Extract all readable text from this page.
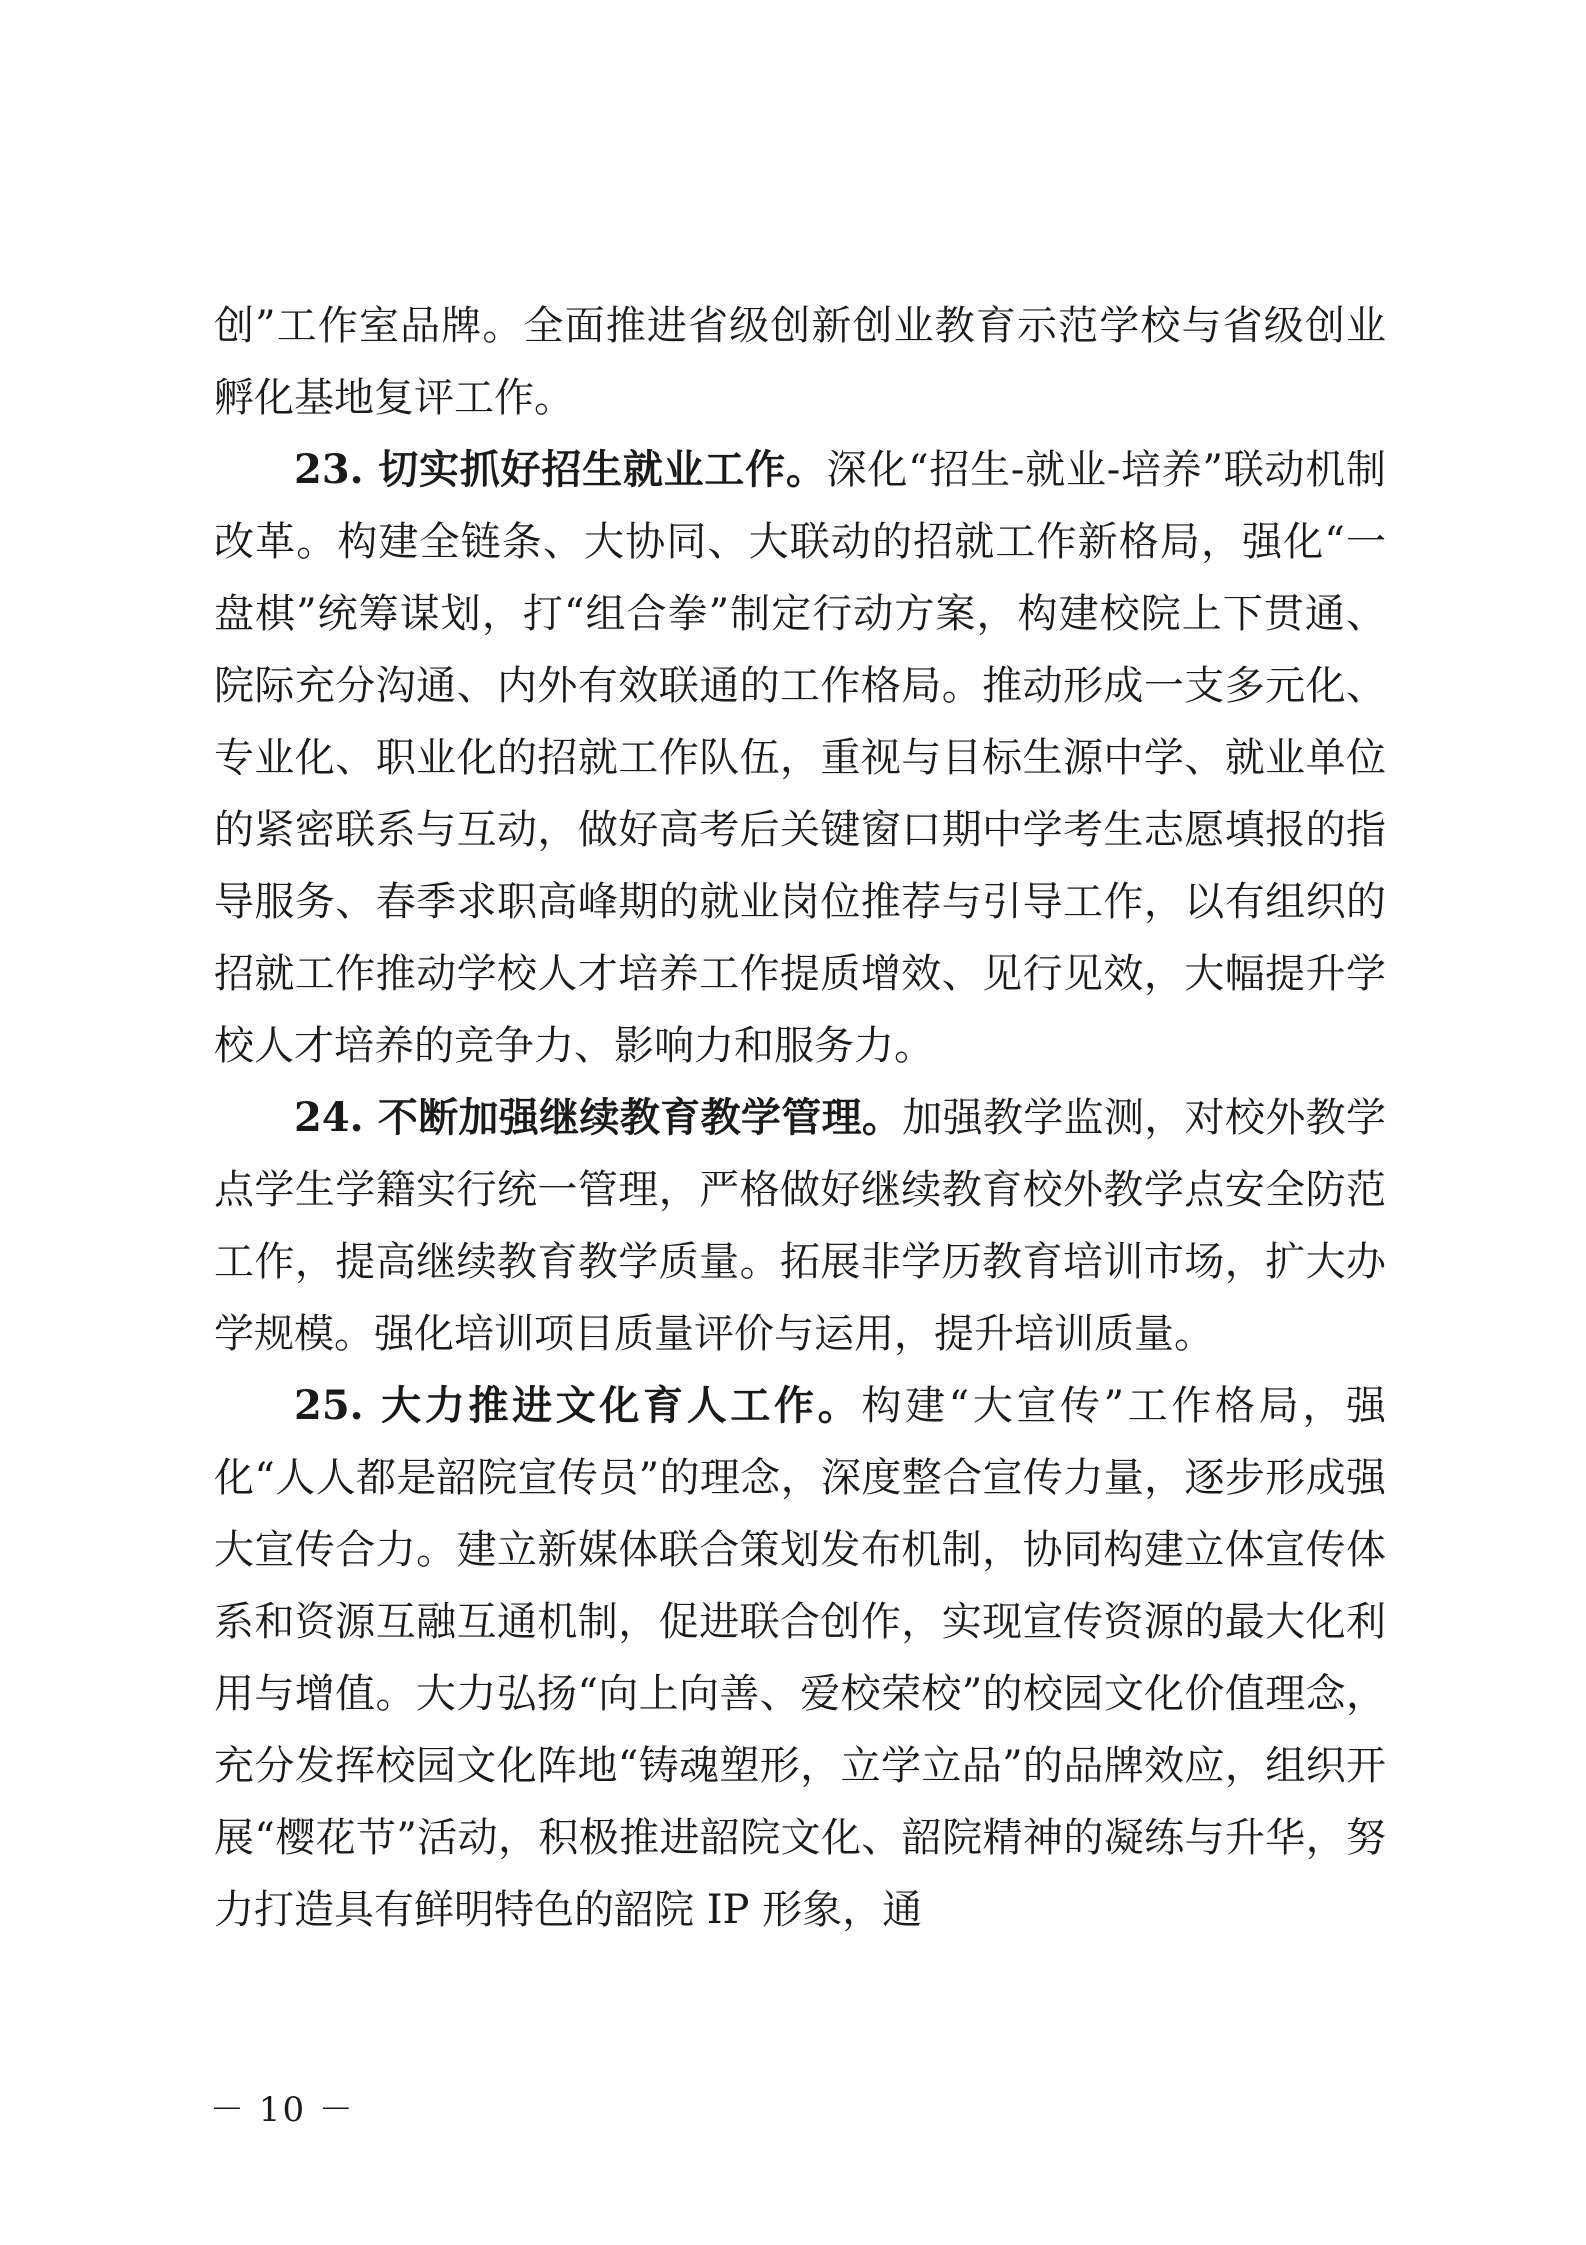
创”工作室品牌。全面推进省级创新创业教育示范学校与省级创业孵化基地复评工作。

23. 切实抓好招生就业工作。深化“招生-就业-培养”联动机制改革。构建全链条、大协同、大联动的招就工作新格局，强化“一盘棋”统筹谋划，打“组合拳”制定行动方案，构建校院上下贯通、院际充分沟通、内外有效联通的工作格局。推动形成一支多元化、专业化、职业化的招就工作队伍，重视与目标生源中学、就业单位的紧密联系与互动，做好高考后关键窗口期中学考生志愿填报的指导服务、春季求职高峰期的就业岗位推荐与引导工作，以有组织的招就工作推动学校人才培养工作提质增效、见行见效，大幅提升学校人才培养的竞争力、影响力和服务力。

24. 不断加强继续教育教学管理。加强教学监测，对校外教学点学生学籍实行统一管理，严格做好继续教育校外教学点安全防范工作，提高继续教育教学质量。拓展非学历教育培训市场，扩大办学规模。强化培训项目质量评价与运用，提升培训质量。

25. 大力推进文化育人工作。构建“大宣传”工作格局，强化“人人都是韶院宣传员”的理念，深度整合宣传力量，逐步形成强大宣传合力。建立新媒体联合策划发布机制，协同构建立体宣传体系和资源互融互通机制，促进联合创作，实现宣传资源的最大化利用与增值。大力弘扬“向上向善、爱校荣校”的校园文化价值理念，充分发挥校园文化阵地“铸魂塑形，立学立品”的品牌效应，组织开展“樱花节”活动，积极推进韶院文化、韶院精神的凝练与升华，努力打造具有鲜明特色的韶院 IP 形象，通

－ 10 －
